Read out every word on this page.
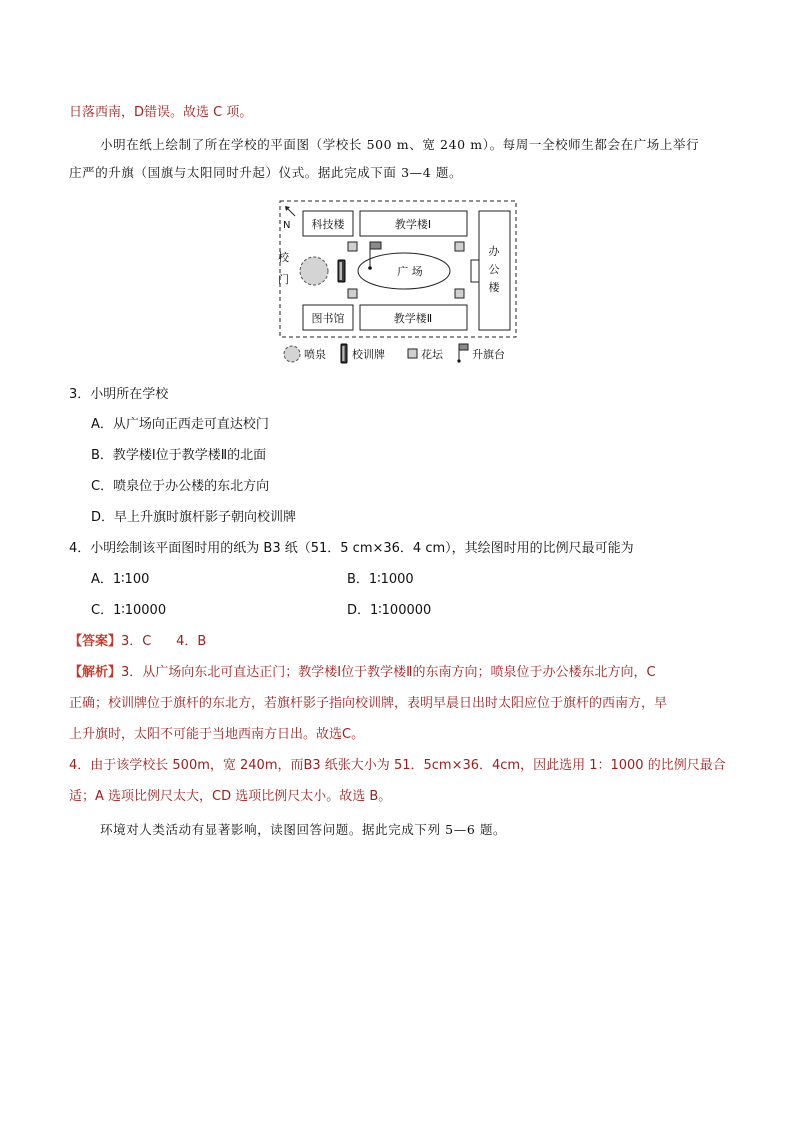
日落西南，D错误。故选 C 项。
小明在纸上绘制了所在学校的平面图（学校长 500 m、宽 240 m）。每周一全校师生都会在广场上举行
庄严的升旗（国旗与太阳同时升起）仪式。据此完成下面 3—4 题。
N
校
门
科技楼	教学楼Ⅰ
图书馆	教学楼Ⅱ
办
公
楼
广 场
喷泉 校训牌	花坛	升旗台
3．小明所在学校
A．从广场向正西走可直达校门
B．教学楼Ⅰ位于教学楼Ⅱ的北面
C．喷泉位于办公楼的东北方向
D．早上升旗时旗杆影子朝向校训牌
4．小明绘制该平面图时用的纸为 B3 纸（51．5 cm×36．4 cm），其绘图时用的比例尺最可能为
A．1∶100	B．1∶1000
C．1∶10000	D．1∶100000
【答案】3．C      4．B
【解析】3．从广场向东北可直达正门；教学楼Ⅰ位于教学楼Ⅱ的东南方向；喷泉位于办公楼东北方向，C
正确；校训牌位于旗杆的东北方，若旗杆影子指向校训牌，表明早晨日出时太阳应位于旗杆的西南方，早
上升旗时，太阳不可能于当地西南方日出。故选C。
4．由于该学校长 500m，宽 240m，而B3 纸张大小为 51．5cm×36．4cm，因此选用 1：1000 的比例尺最合
适；A 选项比例尺太大，CD 选项比例尺太小。故选 B。
环境对人类活动有显著影响，读图回答问题。据此完成下列 5—6 题。
